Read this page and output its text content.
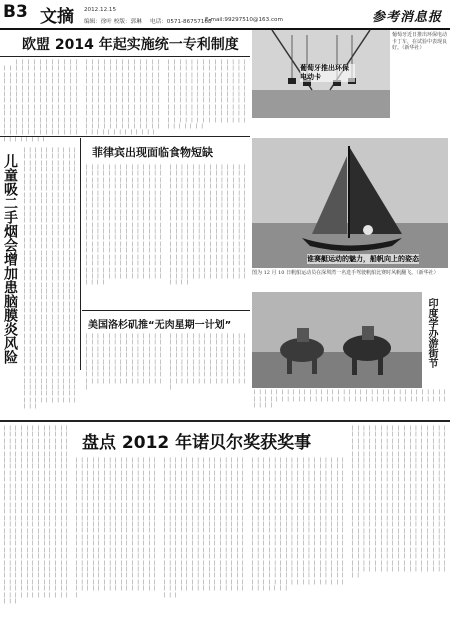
B3 文摘 2012.12.15
编辑：徐叶 校版：郭琳 电话：0571-86757168
E-mail:99297510@163.com	参考消息报
欧盟 2014 年起实施统一专利制度
　　丨丨丨丨丨丨丨丨丨丨丨丨丨丨丨丨丨丨丨丨丨丨丨丨丨丨丨丨丨丨丨丨丨丨丨丨丨丨丨丨丨丨丨丨丨丨丨丨丨丨丨丨丨丨丨丨丨丨丨丨丨丨丨丨丨丨丨丨丨丨丨丨丨丨丨丨丨丨丨丨丨丨丨丨丨丨丨丨丨丨丨丨丨丨丨丨丨丨丨丨丨丨丨丨丨丨丨丨丨丨丨丨丨丨丨丨丨丨丨丨丨丨丨丨丨丨丨丨丨丨丨丨丨丨丨丨丨丨丨丨丨丨丨丨丨丨丨丨丨丨丨丨丨丨丨丨丨丨丨丨丨丨
丨丨丨丨丨丨丨丨丨丨丨丨丨丨丨丨丨丨丨丨丨丨丨丨丨丨丨丨丨丨丨丨丨丨丨丨丨丨丨丨丨丨丨丨丨丨丨丨丨丨丨丨丨丨丨丨丨丨丨丨丨丨丨丨丨丨丨丨丨丨丨丨丨丨丨丨丨丨丨丨丨丨丨丨丨丨丨丨丨丨丨丨丨丨丨丨丨丨丨丨丨丨丨丨丨丨丨丨丨丨丨丨丨丨丨丨丨丨丨丨丨丨丨丨丨丨丨丨丨丨丨丨丨丨丨丨丨丨丨丨丨丨丨丨丨丨丨丨丨丨丨丨丨丨丨丨
丨丨丨丨丨丨丨丨丨丨丨丨丨丨丨丨丨丨丨丨丨丨丨丨丨丨丨丨丨丨丨丨丨丨丨丨丨丨丨丨丨丨丨丨丨丨丨丨丨丨丨丨丨丨丨丨丨丨丨丨丨丨丨丨丨丨丨丨丨丨丨丨丨丨丨丨丨丨丨丨丨丨丨丨丨丨丨丨丨丨丨丨丨丨丨丨丨丨丨丨丨丨丨丨丨丨丨丨丨丨丨丨丨丨丨丨丨丨丨丨丨丨丨丨丨丨丨丨丨丨丨丨丨丨丨丨丨丨丨丨丨丨丨丨丨丨丨
葡萄牙推出环保电动卡
葡萄牙近日推出环保电动卡丁车，在试验中表现良好。（新华社）
儿童吸二手烟会增加患脑膜炎风险
丨丨丨丨丨丨丨丨丨丨丨丨丨丨丨丨丨丨丨丨丨丨丨丨丨丨丨丨丨丨丨丨丨丨丨丨丨丨丨丨丨丨丨丨丨丨丨丨丨丨丨丨丨丨丨丨丨丨丨丨丨丨丨丨丨丨丨丨丨丨丨丨丨丨丨丨丨丨丨丨丨丨丨丨丨丨丨丨丨丨丨丨丨丨丨丨丨丨丨丨丨丨丨丨丨丨丨丨丨丨丨丨丨丨丨丨丨丨丨丨丨丨丨丨丨丨丨丨丨丨丨丨丨丨丨丨丨丨丨丨丨丨丨丨丨丨丨丨丨丨丨丨丨丨丨丨丨丨丨丨丨丨丨丨丨丨丨丨丨丨丨丨丨丨丨丨丨丨丨丨丨丨丨丨丨丨丨丨丨丨丨丨丨丨丨丨丨丨丨丨丨丨丨丨丨丨丨丨丨丨丨丨丨丨丨丨丨丨丨丨丨丨丨丨丨丨丨丨丨丨丨丨丨丨丨丨丨丨丨丨丨丨丨丨丨丨丨丨丨丨丨丨丨丨丨丨丨丨丨丨丨丨丨丨丨丨丨丨丨丨丨丨丨丨丨丨丨丨丨丨丨丨丨丨丨丨丨丨丨丨丨丨丨丨丨丨丨丨丨丨丨丨丨丨丨丨丨丨丨丨丨丨丨丨丨丨丨丨丨丨丨丨丨丨丨丨丨丨丨丨丨丨丨丨丨丨丨丨丨丨丨丨丨丨丨丨丨丨丨丨丨丨丨丨丨丨丨丨丨丨丨丨丨丨丨丨丨丨丨丨丨丨丨丨丨丨丨丨丨丨丨丨丨丨丨丨丨丨丨丨丨丨丨丨丨丨丨丨丨丨丨丨丨
菲律宾出现面临食物短缺
丨丨丨丨丨丨丨丨丨丨丨丨丨丨丨丨丨丨丨丨丨丨丨丨丨丨丨丨丨丨丨丨丨丨丨丨丨丨丨丨丨丨丨丨丨丨丨丨丨丨丨丨丨丨丨丨丨丨丨丨丨丨丨丨丨丨丨丨丨丨丨丨丨丨丨丨丨丨丨丨丨丨丨丨丨丨丨丨丨丨丨丨丨丨丨丨丨丨丨丨丨丨丨丨丨丨丨丨丨丨丨丨丨丨丨丨丨丨丨丨丨丨丨丨丨丨丨丨丨丨丨丨丨丨丨丨丨丨丨丨丨丨丨丨丨丨丨丨丨丨丨丨丨丨丨丨丨丨丨丨丨丨丨丨丨丨丨丨丨丨丨丨丨丨丨丨丨丨丨丨丨丨丨丨丨丨丨丨丨丨丨丨丨丨丨丨丨丨丨丨丨丨丨丨丨丨丨丨丨丨丨丨丨丨丨丨丨丨丨丨丨丨丨丨丨丨丨丨丨丨丨丨丨丨丨丨丨丨丨丨丨丨丨丨丨丨丨丨丨丨丨丨丨丨丨丨
丨丨丨丨丨丨丨丨丨丨丨丨丨丨丨丨丨丨丨丨丨丨丨丨丨丨丨丨丨丨丨丨丨丨丨丨丨丨丨丨丨丨丨丨丨丨丨丨丨丨丨丨丨丨丨丨丨丨丨丨丨丨丨丨丨丨丨丨丨丨丨丨丨丨丨丨丨丨丨丨丨丨丨丨丨丨丨丨丨丨丨丨丨丨丨丨丨丨丨丨丨丨丨丨丨丨丨丨丨丨丨丨丨丨丨丨丨丨丨丨丨丨丨丨丨丨丨丨丨丨丨丨丨丨丨丨丨丨丨丨丨丨丨丨丨丨丨丨丨丨丨丨丨丨丨丨丨丨丨丨丨丨丨丨丨丨丨丨丨丨丨丨丨丨丨丨丨丨丨丨丨丨丨丨丨丨丨丨丨丨丨丨丨丨丨丨丨丨丨丨丨丨丨丨丨丨丨丨丨丨丨丨丨丨丨丨丨丨丨丨丨丨丨丨丨丨丨丨丨丨丨丨丨丨丨丨丨丨丨丨丨丨丨丨丨丨丨丨丨丨丨丨丨丨丨丨
谁赛艇运动的魅力，船帆向上的姿态
图为 12 月 10 日帆船运动员在深圳湾一名选手驾驶帆船比赛时风帆翻飞。（新华社）
美国洛杉矶推“无肉星期一计划”
丨丨丨丨丨丨丨丨丨丨丨丨丨丨丨丨丨丨丨丨丨丨丨丨丨丨丨丨丨丨丨丨丨丨丨丨丨丨丨丨丨丨丨丨丨丨丨丨丨丨丨丨丨丨丨丨丨丨丨丨丨丨丨丨丨丨丨丨丨丨丨丨丨丨丨丨丨丨丨丨丨丨丨丨丨丨丨丨丨丨丨丨丨丨丨丨丨丨丨丨丨丨丨丨丨丨丨丨丨丨丨丨丨
丨丨丨丨丨丨丨丨丨丨丨丨丨丨丨丨丨丨丨丨丨丨丨丨丨丨丨丨丨丨丨丨丨丨丨丨丨丨丨丨丨丨丨丨丨丨丨丨丨丨丨丨丨丨丨丨丨丨丨丨丨丨丨丨丨丨丨丨丨丨丨丨丨丨丨丨丨丨丨丨丨丨丨丨丨丨丨丨丨丨丨丨丨丨丨丨丨丨丨丨丨丨丨丨丨丨丨丨丨丨丨丨丨
印度学办游街节
丨丨丨丨丨丨丨丨丨丨丨丨丨丨丨丨丨丨丨丨丨丨丨丨丨丨丨丨丨丨丨丨丨丨丨丨丨丨丨丨丨丨丨丨丨丨丨丨丨丨丨丨丨丨丨丨丨丨丨丨丨丨丨丨丨丨丨丨丨丨丨丨丨丨
丨丨丨丨丨丨丨丨丨丨丨丨丨丨丨丨丨丨丨丨丨丨丨丨丨丨丨丨丨丨丨丨丨丨丨丨丨丨丨丨丨丨丨丨丨丨丨丨丨丨丨丨丨丨丨丨丨丨丨丨丨丨丨丨丨丨丨丨丨丨丨丨丨丨丨丨丨丨丨丨丨丨丨丨丨丨丨丨丨丨丨丨丨丨丨丨丨丨丨丨丨丨丨丨丨丨丨丨丨丨丨丨丨丨丨丨丨丨丨丨丨丨丨丨丨丨丨丨丨丨丨丨丨丨丨丨丨丨丨丨丨丨丨丨丨丨丨丨丨丨丨丨丨丨丨丨丨丨丨丨丨丨丨丨丨丨丨丨丨丨丨丨丨丨丨丨丨丨丨丨丨丨丨丨丨丨丨丨丨丨丨丨丨丨丨丨丨丨丨丨丨丨丨丨丨丨丨丨丨丨丨丨丨丨丨丨丨丨丨丨丨丨丨丨丨丨丨丨丨丨丨丨丨丨丨丨丨丨丨丨丨丨丨丨丨丨丨丨丨丨丨丨丨丨丨丨丨丨丨丨丨丨丨丨丨丨丨丨丨丨丨丨丨丨丨丨丨丨丨丨丨丨丨丨丨丨丨丨丨丨丨丨丨丨丨丨丨丨丨丨丨丨丨丨丨丨丨丨丨丨丨丨丨丨丨丨丨丨丨丨丨丨丨丨丨丨丨
盘点 2012 年诺贝尔奖获奖事
丨丨丨丨丨丨丨丨丨丨丨丨丨丨丨丨丨丨丨丨丨丨丨丨丨丨丨丨丨丨丨丨丨丨丨丨丨丨丨丨丨丨丨丨丨丨丨丨丨丨丨丨丨丨丨丨丨丨丨丨丨丨丨丨丨丨丨丨丨丨丨丨丨丨丨丨丨丨丨丨丨丨丨丨丨丨丨丨丨丨丨丨丨丨丨丨丨丨丨丨丨丨丨丨丨丨丨丨丨丨丨丨丨丨丨丨丨丨丨丨丨丨丨丨丨丨丨丨丨丨丨丨丨丨丨丨丨丨丨丨丨丨丨丨丨丨丨丨丨丨丨丨丨丨丨丨丨丨丨丨丨丨丨丨丨丨丨丨丨丨丨丨丨丨丨丨丨丨丨丨丨丨丨丨丨丨丨丨丨丨丨丨丨丨丨丨丨丨丨丨丨丨丨丨丨丨丨丨丨丨丨丨丨丨丨丨丨丨丨丨丨丨丨丨丨丨丨丨丨丨丨丨丨丨丨丨丨丨丨丨丨丨丨丨丨丨丨丨丨丨丨丨丨丨丨丨丨丨丨丨丨丨丨丨丨丨丨丨丨丨丨丨丨丨丨丨丨丨丨丨丨丨丨丨丨丨丨丨丨丨丨丨丨丨丨丨丨丨丨丨丨丨丨丨丨丨丨丨丨丨丨丨丨丨丨丨
丨丨丨丨丨丨丨丨丨丨丨丨丨丨丨丨丨丨丨丨丨丨丨丨丨丨丨丨丨丨丨丨丨丨丨丨丨丨丨丨丨丨丨丨丨丨丨丨丨丨丨丨丨丨丨丨丨丨丨丨丨丨丨丨丨丨丨丨丨丨丨丨丨丨丨丨丨丨丨丨丨丨丨丨丨丨丨丨丨丨丨丨丨丨丨丨丨丨丨丨丨丨丨丨丨丨丨丨丨丨丨丨丨丨丨丨丨丨丨丨丨丨丨丨丨丨丨丨丨丨丨丨丨丨丨丨丨丨丨丨丨丨丨丨丨丨丨丨丨丨丨丨丨丨丨丨丨丨丨丨丨丨丨丨丨丨丨丨丨丨丨丨丨丨丨丨丨丨丨丨丨丨丨丨丨丨丨丨丨丨丨丨丨丨丨丨丨丨丨丨丨丨丨丨丨丨丨丨丨丨丨丨丨丨丨丨丨丨丨丨丨丨丨丨丨丨丨丨丨丨丨丨丨丨丨丨丨丨丨丨丨丨丨丨丨丨丨丨丨丨丨丨丨丨丨丨丨丨丨丨丨丨丨丨丨丨丨丨丨丨丨丨丨丨丨丨丨丨丨丨丨丨丨丨丨丨丨丨丨丨丨丨丨丨丨丨丨丨丨丨丨丨丨丨丨丨丨丨丨丨丨丨丨丨丨丨丨丨
丨丨丨丨丨丨丨丨丨丨丨丨丨丨丨丨丨丨丨丨丨丨丨丨丨丨丨丨丨丨丨丨丨丨丨丨丨丨丨丨丨丨丨丨丨丨丨丨丨丨丨丨丨丨丨丨丨丨丨丨丨丨丨丨丨丨丨丨丨丨丨丨丨丨丨丨丨丨丨丨丨丨丨丨丨丨丨丨丨丨丨丨丨丨丨丨丨丨丨丨丨丨丨丨丨丨丨丨丨丨丨丨丨丨丨丨丨丨丨丨丨丨丨丨丨丨丨丨丨丨丨丨丨丨丨丨丨丨丨丨丨丨丨丨丨丨丨丨丨丨丨丨丨丨丨丨丨丨丨丨丨丨丨丨丨丨丨丨丨丨丨丨丨丨丨丨丨丨丨丨丨丨丨丨丨丨丨丨丨丨丨丨丨丨丨丨丨丨丨丨丨丨丨丨丨丨丨丨丨丨丨丨丨丨丨丨丨丨丨丨丨丨丨丨丨丨丨丨丨丨丨丨丨丨丨丨丨丨丨丨丨丨丨丨丨丨丨丨丨丨丨丨丨丨丨丨丨丨丨丨丨丨丨丨丨丨丨丨丨丨丨丨丨丨丨丨丨丨丨丨丨丨丨丨丨丨丨丨丨丨丨丨丨丨丨丨丨丨丨丨丨丨丨丨丨丨丨丨丨丨丨丨丨丨丨丨丨丨丨丨丨丨丨丨丨丨丨丨丨丨丨丨丨丨丨丨丨丨丨丨丨丨丨丨丨丨丨
丨丨丨丨丨丨丨丨丨丨丨丨丨丨丨丨丨丨丨丨丨丨丨丨丨丨丨丨丨丨丨丨丨丨丨丨丨丨丨丨丨丨丨丨丨丨丨丨丨丨丨丨丨丨丨丨丨丨丨丨丨丨丨丨丨丨丨丨丨丨丨丨丨丨丨丨丨丨丨丨丨丨丨丨丨丨丨丨丨丨丨丨丨丨丨丨丨丨丨丨丨丨丨丨丨丨丨丨丨丨丨丨丨丨丨丨丨丨丨丨丨丨丨丨丨丨丨丨丨丨丨丨丨丨丨丨丨丨丨丨丨丨丨丨丨丨丨丨丨丨丨丨丨丨丨丨丨丨丨丨丨丨丨丨丨丨丨丨丨丨丨丨丨丨丨丨丨丨丨丨丨丨丨丨丨丨丨丨丨丨丨丨丨丨丨丨丨丨丨丨丨丨丨丨丨丨丨丨丨丨丨丨丨丨丨丨丨丨丨丨丨丨丨丨丨丨丨丨丨丨丨丨丨丨丨丨丨丨丨丨丨丨丨丨丨丨丨丨丨丨丨丨丨丨丨丨丨丨丨丨丨丨丨丨丨丨丨丨丨丨丨丨丨丨丨丨丨丨丨丨丨丨丨丨丨丨丨丨丨丨丨丨丨丨丨丨丨丨丨丨丨丨丨丨丨丨丨丨丨丨丨丨丨丨丨丨丨丨丨丨丨丨丨丨丨丨丨丨丨丨丨丨丨丨丨丨丨丨丨丨丨丨丨丨丨丨丨丨丨丨丨丨丨丨丨丨丨丨丨丨丨丨丨丨丨丨丨丨丨丨丨丨丨丨丨丨丨丨丨丨丨丨丨丨丨丨丨丨丨丨丨丨丨
